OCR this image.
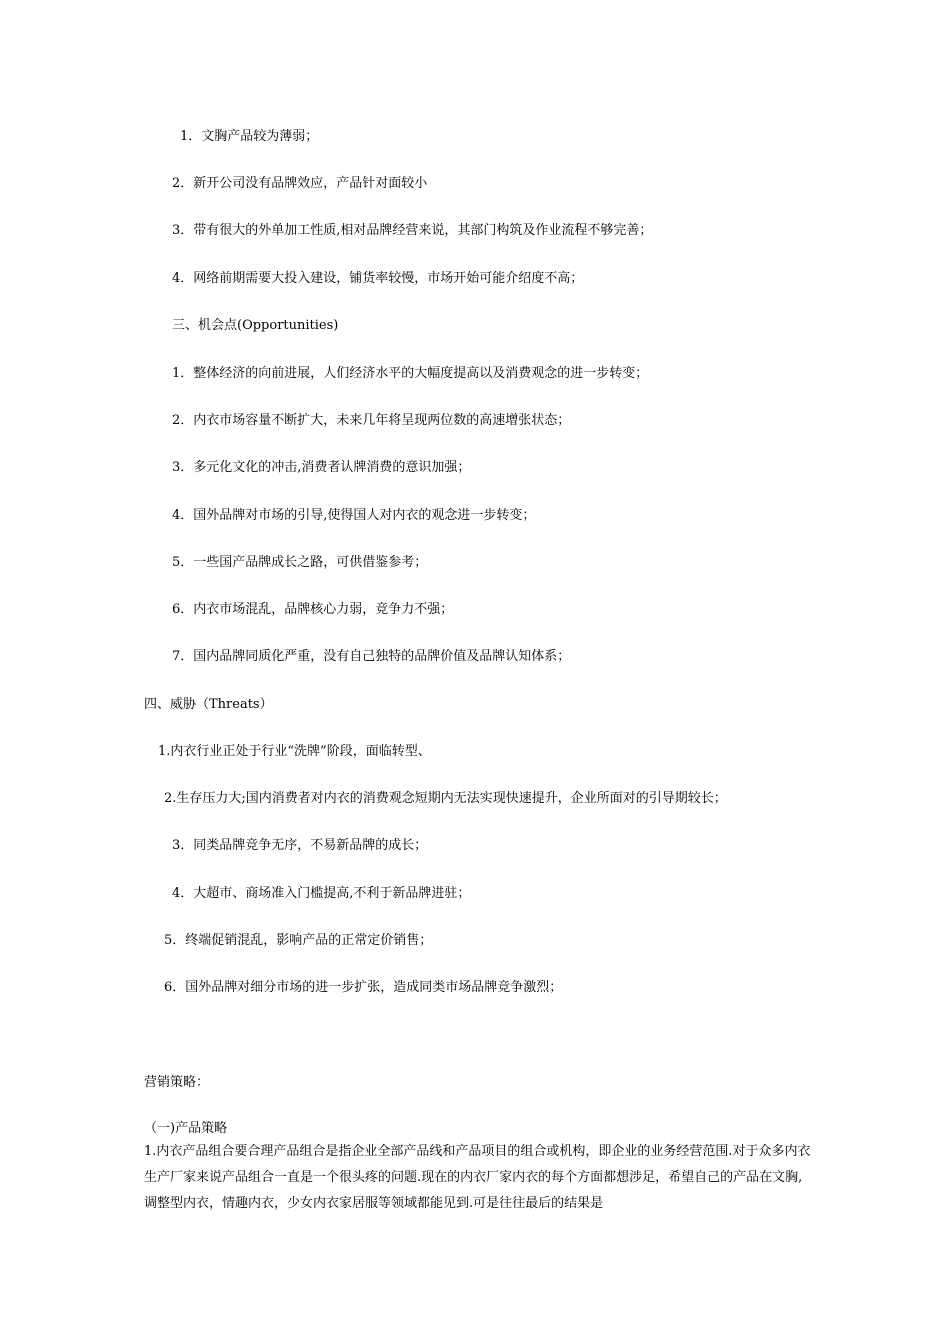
1．文胸产品较为薄弱；
2．新开公司没有品牌效应，产品针对面较小
3．带有很大的外单加工性质,相对品牌经营来说，其部门构筑及作业流程不够完善；
4．网络前期需要大投入建设，铺货率较慢，市场开始可能介绍度不高；
三、机会点(Opportunities)
1．整体经济的向前进展，人们经济水平的大幅度提高以及消费观念的进一步转变；
2．内衣市场容量不断扩大，未来几年将呈现两位数的高速增张状态；
3．多元化文化的冲击,消费者认牌消费的意识加强；
4．国外品牌对市场的引导,使得国人对内衣的观念进一步转变；
5．一些国产品牌成长之路，可供借鉴参考；
6．内衣市场混乱，品牌核心力弱，竞争力不强；
7．国内品牌同质化严重，没有自己独特的品牌价值及品牌认知体系；
四、威胁（Threats）
1.内衣行业正处于行业“洗牌”阶段，面临转型、
2.生存压力大;国内消费者对内衣的消费观念短期内无法实现快速提升，企业所面对的引导期较长；
3．同类品牌竞争无序，不易新品牌的成长；
4．大超市、商场准入门槛提高,不利于新品牌进驻；
5．终端促销混乱，影响产品的正常定价销售；
6．国外品牌对细分市场的进一步扩张，造成同类市场品牌竞争激烈；
营销策略：
（一)产品策略
1.内衣产品组合要合理产品组合是指企业全部产品线和产品项目的组合或机构，即企业的业务经营范围.对于众多内衣生产厂家来说产品组合一直是一个很头疼的问题.现在的内衣厂家内衣的每个方面都想涉足，希望自己的产品在文胸,调整型内衣，情趣内衣，少女内衣家居服等领域都能见到.可是往往最后的结果是
